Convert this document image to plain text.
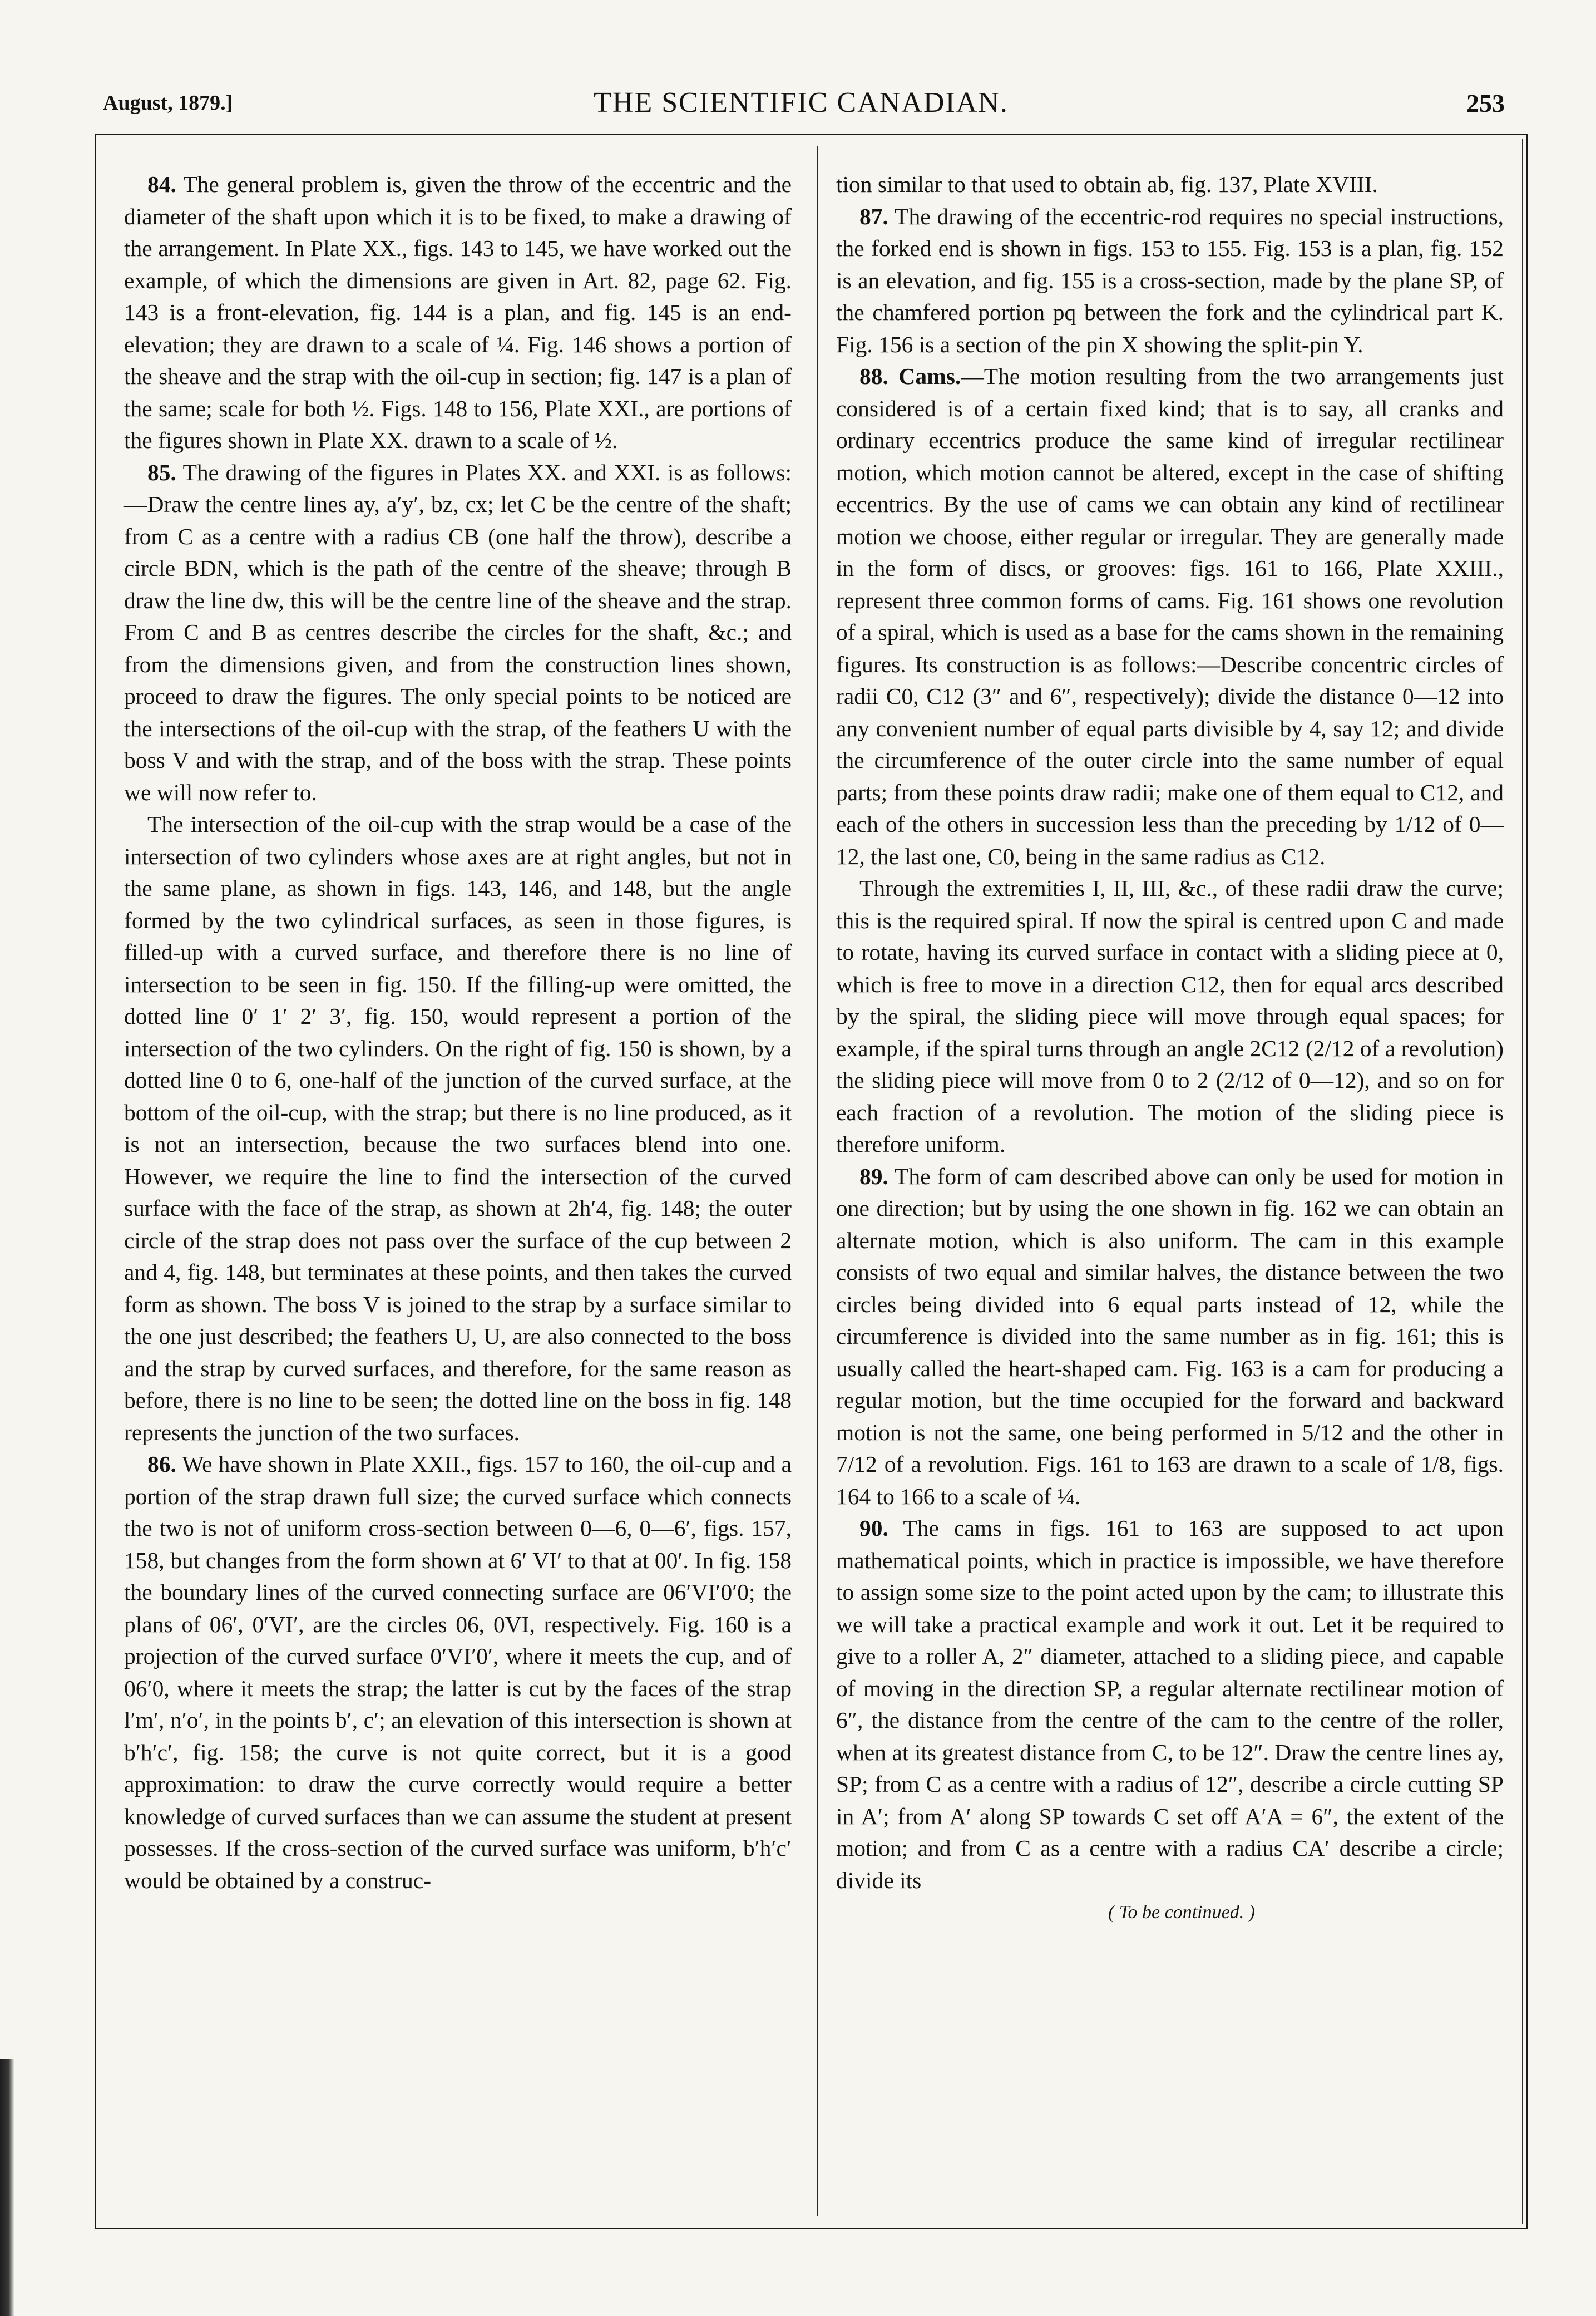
August, 1879.]	THE SCIENTIFIC CANADIAN.	253

84. The general problem is, given the throw of the eccentric and the diameter of the shaft upon which it is to be fixed, to make a drawing of the arrangement. In Plate XX., figs. 143 to 145, we have worked out the example, of which the dimensions are given in Art. 82, page 62. Fig. 143 is a front-elevation, fig. 144 is a plan, and fig. 145 is an end-elevation; they are drawn to a scale of ¼. Fig. 146 shows a portion of the sheave and the strap with the oil-cup in section; fig. 147 is a plan of the same; scale for both ½. Figs. 148 to 156, Plate XXI., are portions of the figures shown in Plate XX. drawn to a scale of ½.

85. The drawing of the figures in Plates XX. and XXI. is as follows:—Draw the centre lines ay, a′y′, bz, cx; let C be the centre of the shaft; from C as a centre with a radius CB (one half the throw), describe a circle BDN, which is the path of the centre of the sheave; through B draw the line dw, this will be the centre line of the sheave and the strap. From C and B as centres describe the circles for the shaft, &c.; and from the dimensions given, and from the construction lines shown, proceed to draw the figures. The only special points to be noticed are the intersections of the oil-cup with the strap, of the feathers U with the boss V and with the strap, and of the boss with the strap. These points we will now refer to.

The intersection of the oil-cup with the strap would be a case of the intersection of two cylinders whose axes are at right angles, but not in the same plane, as shown in figs. 143, 146, and 148, but the angle formed by the two cylindrical surfaces, as seen in those figures, is filled-up with a curved surface, and therefore there is no line of intersection to be seen in fig. 150. If the filling-up were omitted, the dotted line 0′ 1′ 2′ 3′, fig. 150, would represent a portion of the intersection of the two cylinders. On the right of fig. 150 is shown, by a dotted line 0 to 6, one-half of the junction of the curved surface, at the bottom of the oil-cup, with the strap; but there is no line produced, as it is not an intersection, because the two surfaces blend into one. However, we require the line to find the intersection of the curved surface with the face of the strap, as shown at 2h′4, fig. 148; the outer circle of the strap does not pass over the surface of the cup between 2 and 4, fig. 148, but terminates at these points, and then takes the curved form as shown. The boss V is joined to the strap by a surface similar to the one just described; the feathers U, U, are also connected to the boss and the strap by curved surfaces, and therefore, for the same reason as before, there is no line to be seen; the dotted line on the boss in fig. 148 represents the junction of the two surfaces.

86. We have shown in Plate XXII., figs. 157 to 160, the oil-cup and a portion of the strap drawn full size; the curved surface which connects the two is not of uniform cross-section between 0—6, 0—6′, figs. 157, 158, but changes from the form shown at 6′ VI′ to that at 00′. In fig. 158 the boundary lines of the curved connecting surface are 06′VI′0′0; the plans of 06′, 0′VI′, are the circles 06, 0VI, respectively. Fig. 160 is a projection of the curved surface 0′VI′0′, where it meets the cup, and of 06′0, where it meets the strap; the latter is cut by the faces of the strap l′m′, n′o′, in the points b′, c′; an elevation of this intersection is shown at b′h′c′, fig. 158; the curve is not quite correct, but it is a good approximation: to draw the curve correctly would require a better knowledge of curved surfaces than we can assume the student at present possesses. If the cross-section of the curved surface was uniform, b′h′c′ would be obtained by a construc-

tion similar to that used to obtain ab, fig. 137, Plate XVIII.

87. The drawing of the eccentric-rod requires no special instructions, the forked end is shown in figs. 153 to 155. Fig. 153 is a plan, fig. 152 is an elevation, and fig. 155 is a cross-section, made by the plane SP, of the chamfered portion pq between the fork and the cylindrical part K. Fig. 156 is a section of the pin X showing the split-pin Y.

88. Cams.—The motion resulting from the two arrangements just considered is of a certain fixed kind; that is to say, all cranks and ordinary eccentrics produce the same kind of irregular rectilinear motion, which motion cannot be altered, except in the case of shifting eccentrics. By the use of cams we can obtain any kind of rectilinear motion we choose, either regular or irregular. They are generally made in the form of discs, or grooves: figs. 161 to 166, Plate XXIII., represent three common forms of cams. Fig. 161 shows one revolution of a spiral, which is used as a base for the cams shown in the remaining figures. Its construction is as follows:—Describe concentric circles of radii C0, C12 (3″ and 6″, respectively); divide the distance 0—12 into any convenient number of equal parts divisible by 4, say 12; and divide the circumference of the outer circle into the same number of equal parts; from these points draw radii; make one of them equal to C12, and each of the others in succession less than the preceding by 1/12 of 0—12, the last one, C0, being in the same radius as C12.

Through the extremities I, II, III, &c., of these radii draw the curve; this is the required spiral. If now the spiral is centred upon C and made to rotate, having its curved surface in contact with a sliding piece at 0, which is free to move in a direction C12, then for equal arcs described by the spiral, the sliding piece will move through equal spaces; for example, if the spiral turns through an angle 2C12 (2/12 of a revolution) the sliding piece will move from 0 to 2 (2/12 of 0—12), and so on for each fraction of a revolution. The motion of the sliding piece is therefore uniform.

89. The form of cam described above can only be used for motion in one direction; but by using the one shown in fig. 162 we can obtain an alternate motion, which is also uniform. The cam in this example consists of two equal and similar halves, the distance between the two circles being divided into 6 equal parts instead of 12, while the circumference is divided into the same number as in fig. 161; this is usually called the heart-shaped cam. Fig. 163 is a cam for producing a regular motion, but the time occupied for the forward and backward motion is not the same, one being performed in 5/12 and the other in 7/12 of a revolution. Figs. 161 to 163 are drawn to a scale of 1/8, figs. 164 to 166 to a scale of ¼.

90. The cams in figs. 161 to 163 are supposed to act upon mathematical points, which in practice is impossible, we have therefore to assign some size to the point acted upon by the cam; to illustrate this we will take a practical example and work it out. Let it be required to give to a roller A, 2″ diameter, attached to a sliding piece, and capable of moving in the direction SP, a regular alternate rectilinear motion of 6″, the distance from the centre of the cam to the centre of the roller, when at its greatest distance from C, to be 12″. Draw the centre lines ay, SP; from C as a centre with a radius of 12″, describe a circle cutting SP in A′; from A′ along SP towards C set off A′A = 6″, the extent of the motion; and from C as a centre with a radius CA′ describe a circle; divide its

( To be continued. )
